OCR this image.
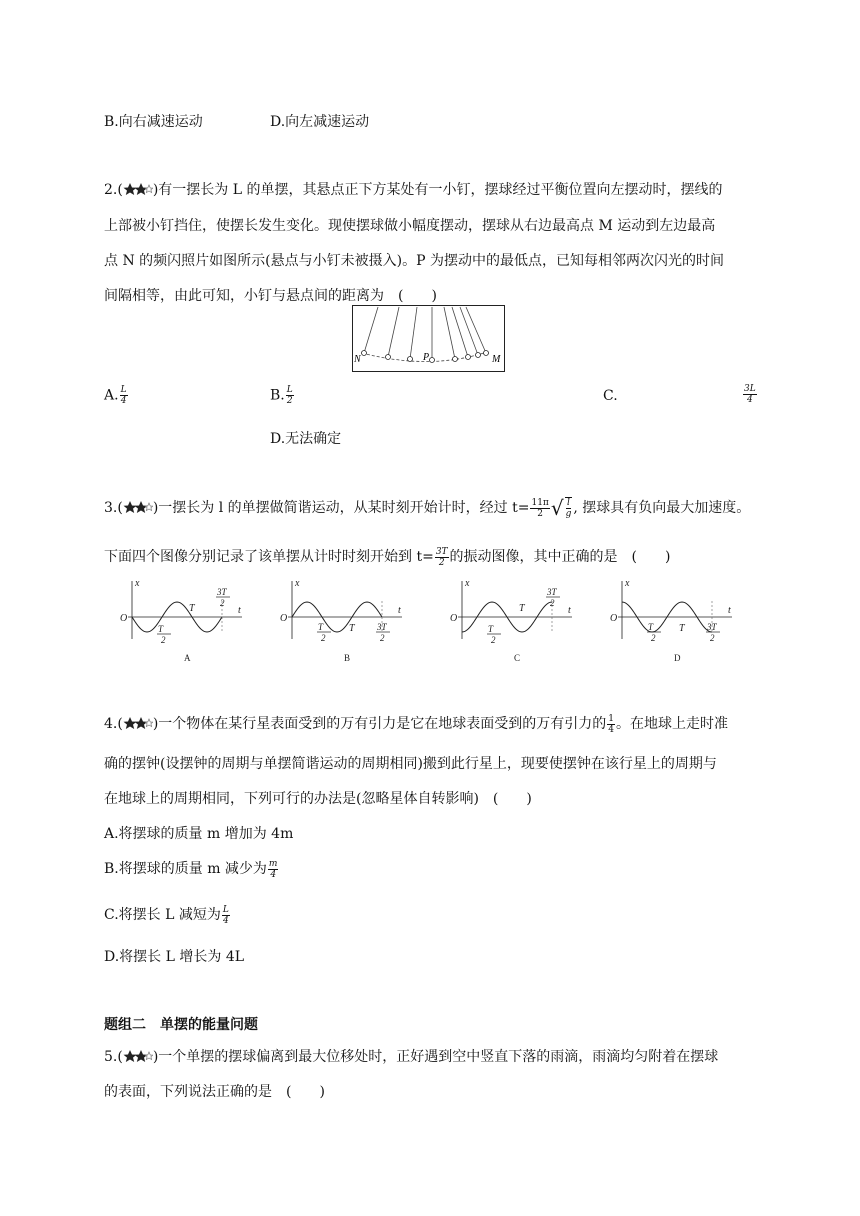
B.向右减速运动	D.向左减速运动
2.( )有一摆长为 L 的单摆，其悬点正下方某处有一小钉，摆球经过平衡位置向左摆动时，摆线的
上部被小钉挡住，使摆长发生变化。现使摆球做小幅度摆动，摆球从右边最高点 M 运动到左边最高
点 N 的频闪照片如图所示(悬点与小钉未被摄入)。P 为摆动中的最低点，已知每相邻两次闪光的时间
间隔相等，由此可知，小钉与悬点间的距离为　(　　)
N	P	M
A. $\frac{L}{4}$	B. $\frac{L}{2}$	C.	$\frac{3L}{4}$
D.无法确定
3.( )一摆长为 l 的单摆做简谐运动，从某时刻开始计时，经过 $t= \frac{11\pi}{2}$ √ $\frac{l}{g}$ , 摆球具有负向最大加速度。
下面四个图像分别记录了该单摆从计时时刻开始到 $t= \frac{3T}{2}$ 的振动图像，其中正确的是　(　　)
x
t
O
T
2
T
3T
2
A
x
t
O
T
2
T 3T
2
B
x
t
O
T
2
T
3T
2
C
x
t
O
T
2
T 3T
2
D
4.( )一个物体在某行星表面受到的万有引力是它在地球表面受到的万有引力的 $\frac{1}{4}$ 。在地球上走时准
确的摆钟(设摆钟的周期与单摆简谐运动的周期相同)搬到此行星上，现要使摆钟在该行星上的周期与
在地球上的周期相同，下列可行的办法是(忽略星体自转影响)　(　　)
A.将摆球的质量 m 增加为 4m
B.将摆球的质量 m 减少为 $\frac{m}{4}$
C.将摆长 L 减短为 $\frac{L}{4}$
D.将摆长 L 增长为 4L
题组二　单摆的能量问题
5.( )一个单摆的摆球偏离到最大位移处时，正好遇到空中竖直下落的雨滴，雨滴均匀附着在摆球
的表面，下列说法正确的是　(　　)
